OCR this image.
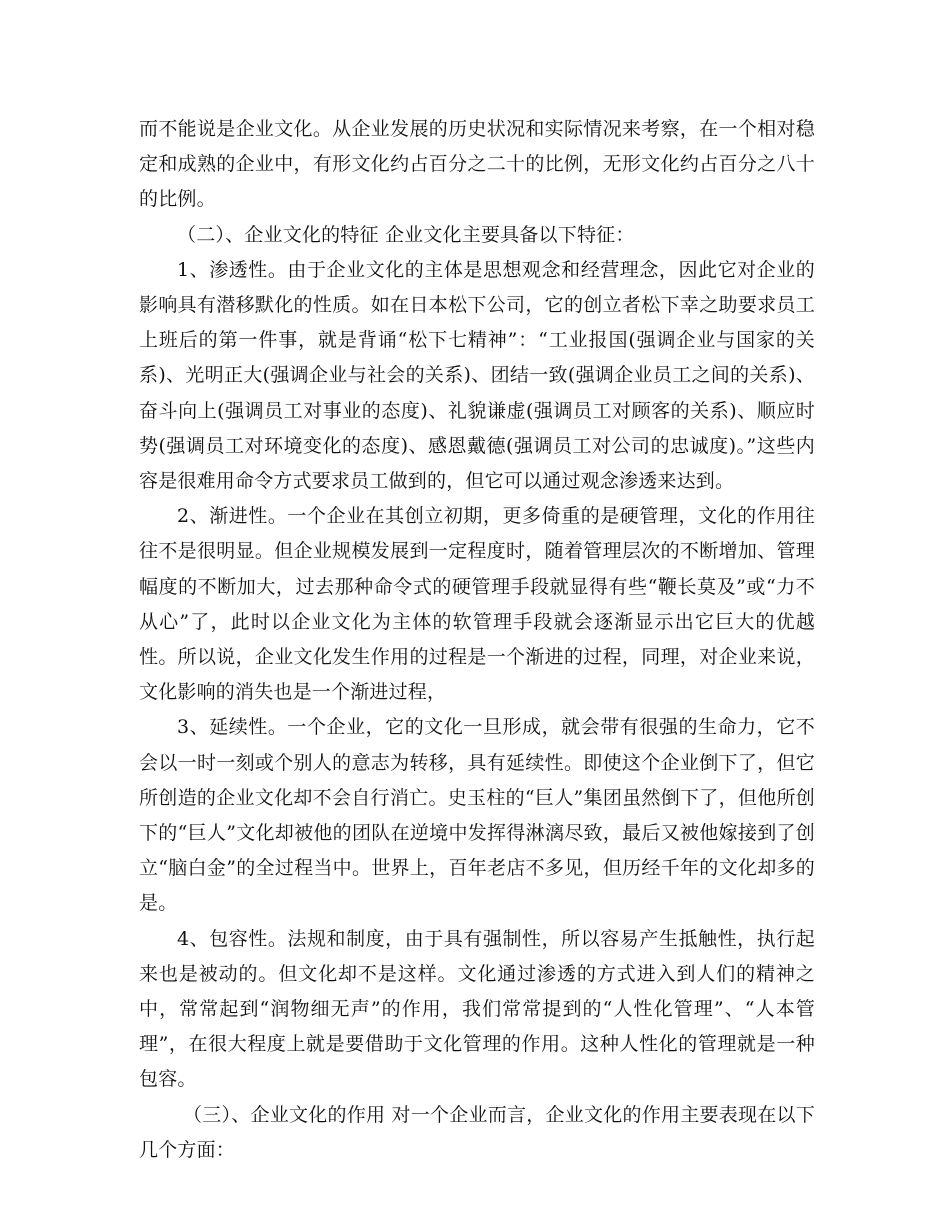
而不能说是企业文化。从企业发展的历史状况和实际情况来考察，在一个相对稳定和成熟的企业中，有形文化约占百分之二十的比例，无形文化约占百分之八十的比例。

（二）、企业文化的特征 企业文化主要具备以下特征：

1、渗透性。由于企业文化的主体是思想观念和经营理念，因此它对企业的影响具有潜移默化的性质。如在日本松下公司，它的创立者松下幸之助要求员工上班后的第一件事，就是背诵“松下七精神”：“工业报国(强调企业与国家的关系)、光明正大(强调企业与社会的关系)、团结一致(强调企业员工之间的关系)、奋斗向上(强调员工对事业的态度)、礼貌谦虚(强调员工对顾客的关系)、顺应时势(强调员工对环境变化的态度)、感恩戴德(强调员工对公司的忠诚度)。”这些内容是很难用命令方式要求员工做到的，但它可以通过观念渗透来达到。

2、渐进性。一个企业在其创立初期，更多倚重的是硬管理，文化的作用往往不是很明显。但企业规模发展到一定程度时，随着管理层次的不断增加、管理幅度的不断加大，过去那种命令式的硬管理手段就显得有些“鞭长莫及”或“力不从心”了，此时以企业文化为主体的软管理手段就会逐渐显示出它巨大的优越性。所以说，企业文化发生作用的过程是一个渐进的过程，同理，对企业来说，文化影响的消失也是一个渐进过程，

3、延续性。一个企业，它的文化一旦形成，就会带有很强的生命力，它不会以一时一刻或个别人的意志为转移，具有延续性。即使这个企业倒下了，但它所创造的企业文化却不会自行消亡。史玉柱的“巨人”集团虽然倒下了，但他所创下的“巨人”文化却被他的团队在逆境中发挥得淋漓尽致，最后又被他嫁接到了创立“脑白金”的全过程当中。世界上，百年老店不多见，但历经千年的文化却多的是。

4、包容性。法规和制度，由于具有强制性，所以容易产生抵触性，执行起来也是被动的。但文化却不是这样。文化通过渗透的方式进入到人们的精神之中，常常起到“润物细无声”的作用，我们常常提到的“人性化管理”、“人本管理”，在很大程度上就是要借助于文化管理的作用。这种人性化的管理就是一种包容。

（三）、企业文化的作用 对一个企业而言，企业文化的作用主要表现在以下几个方面：
